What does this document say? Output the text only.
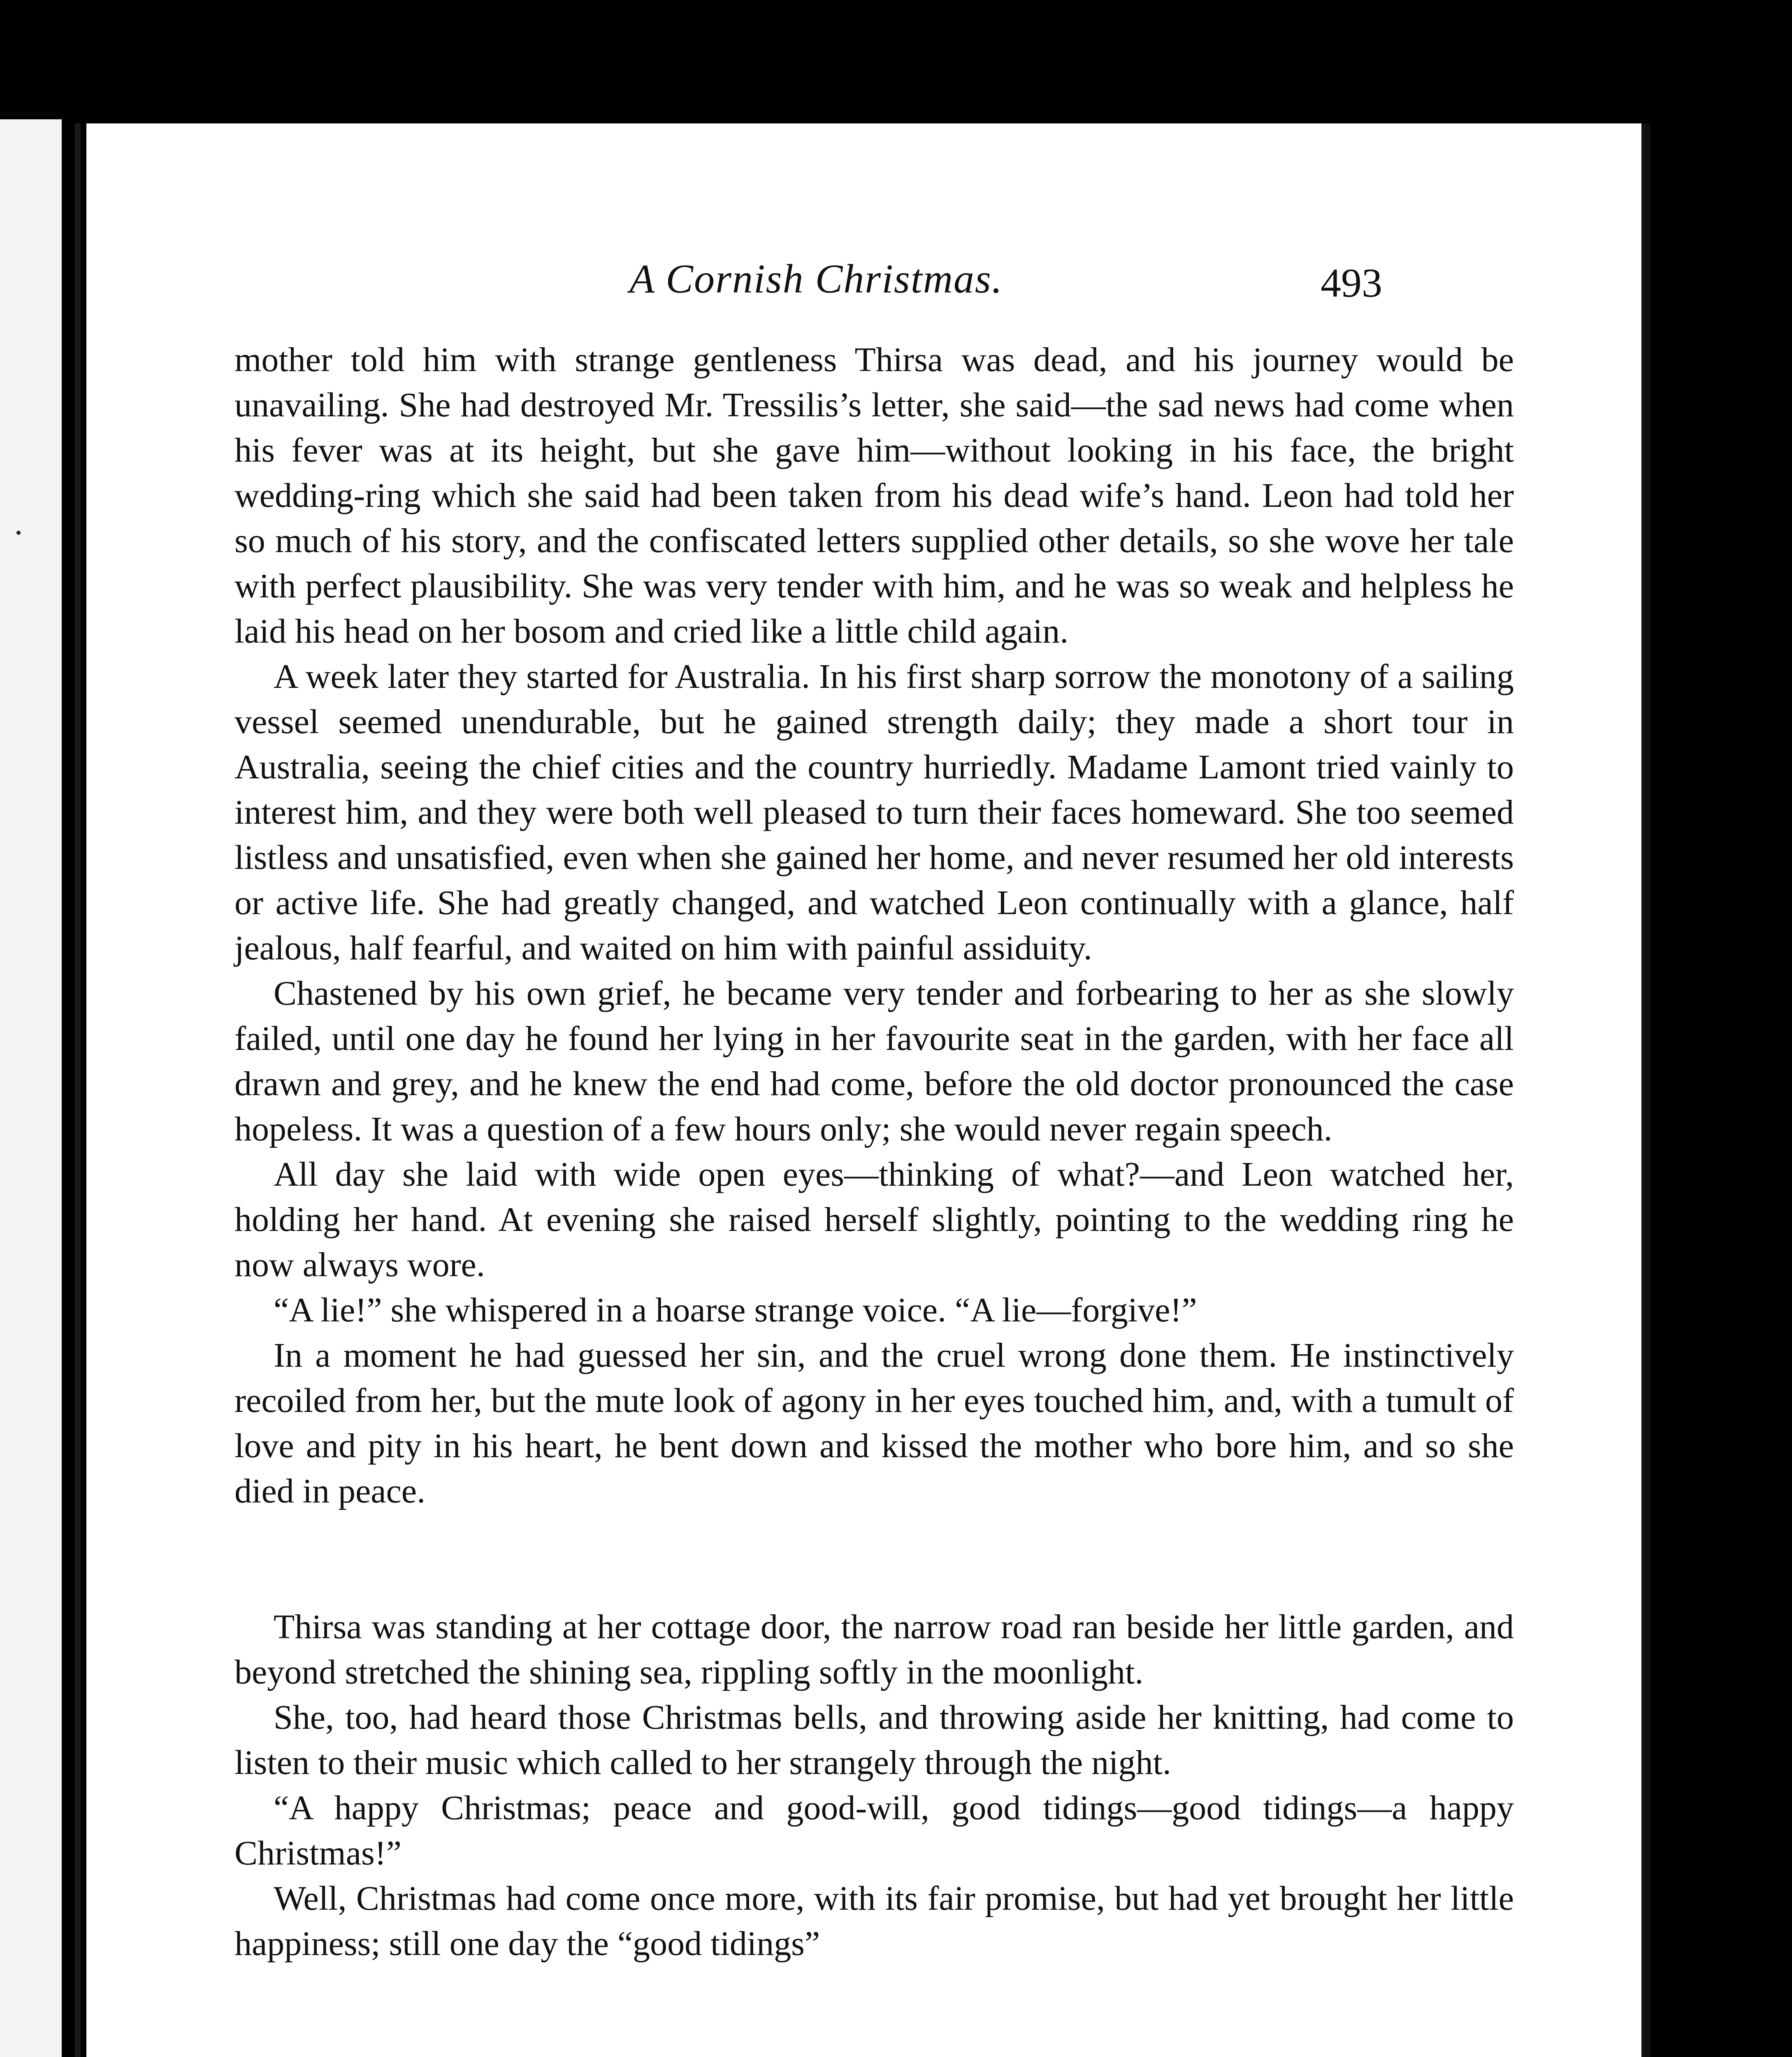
A Cornish Christmas.	493

mother told him with strange gentleness Thirsa was dead, and his journey would be unavailing. She had destroyed Mr. Tressilis’s letter, she said—the sad news had come when his fever was at its height, but she gave him—without looking in his face, the bright wedding-ring which she said had been taken from his dead wife’s hand. Leon had told her so much of his story, and the confiscated letters supplied other details, so she wove her tale with perfect plausibility. She was very tender with him, and he was so weak and helpless he laid his head on her bosom and cried like a little child again.

A week later they started for Australia. In his first sharp sorrow the monotony of a sailing vessel seemed unendurable, but he gained strength daily; they made a short tour in Australia, seeing the chief cities and the country hurriedly. Madame Lamont tried vainly to interest him, and they were both well pleased to turn their faces homeward. She too seemed listless and unsatisfied, even when she gained her home, and never resumed her old interests or active life. She had greatly changed, and watched Leon continually with a glance, half jealous, half fearful, and waited on him with painful assiduity.

Chastened by his own grief, he became very tender and forbearing to her as she slowly failed, until one day he found her lying in her favourite seat in the garden, with her face all drawn and grey, and he knew the end had come, before the old doctor pronounced the case hopeless. It was a question of a few hours only; she would never regain speech.

All day she laid with wide open eyes—thinking of what?—and Leon watched her, holding her hand. At evening she raised herself slightly, pointing to the wedding ring he now always wore.

“A lie!” she whispered in a hoarse strange voice. “A lie—forgive!”

In a moment he had guessed her sin, and the cruel wrong done them. He instinctively recoiled from her, but the mute look of agony in her eyes touched him, and, with a tumult of love and pity in his heart, he bent down and kissed the mother who bore him, and so she died in peace.

Thirsa was standing at her cottage door, the narrow road ran beside her little garden, and beyond stretched the shining sea, rippling softly in the moonlight.

She, too, had heard those Christmas bells, and throwing aside her knitting, had come to listen to their music which called to her strangely through the night.

“A happy Christmas; peace and good-will, good tidings—good tidings—a happy Christmas!”

Well, Christmas had come once more, with its fair promise, but had yet brought her little happiness; still one day the “good tidings”
